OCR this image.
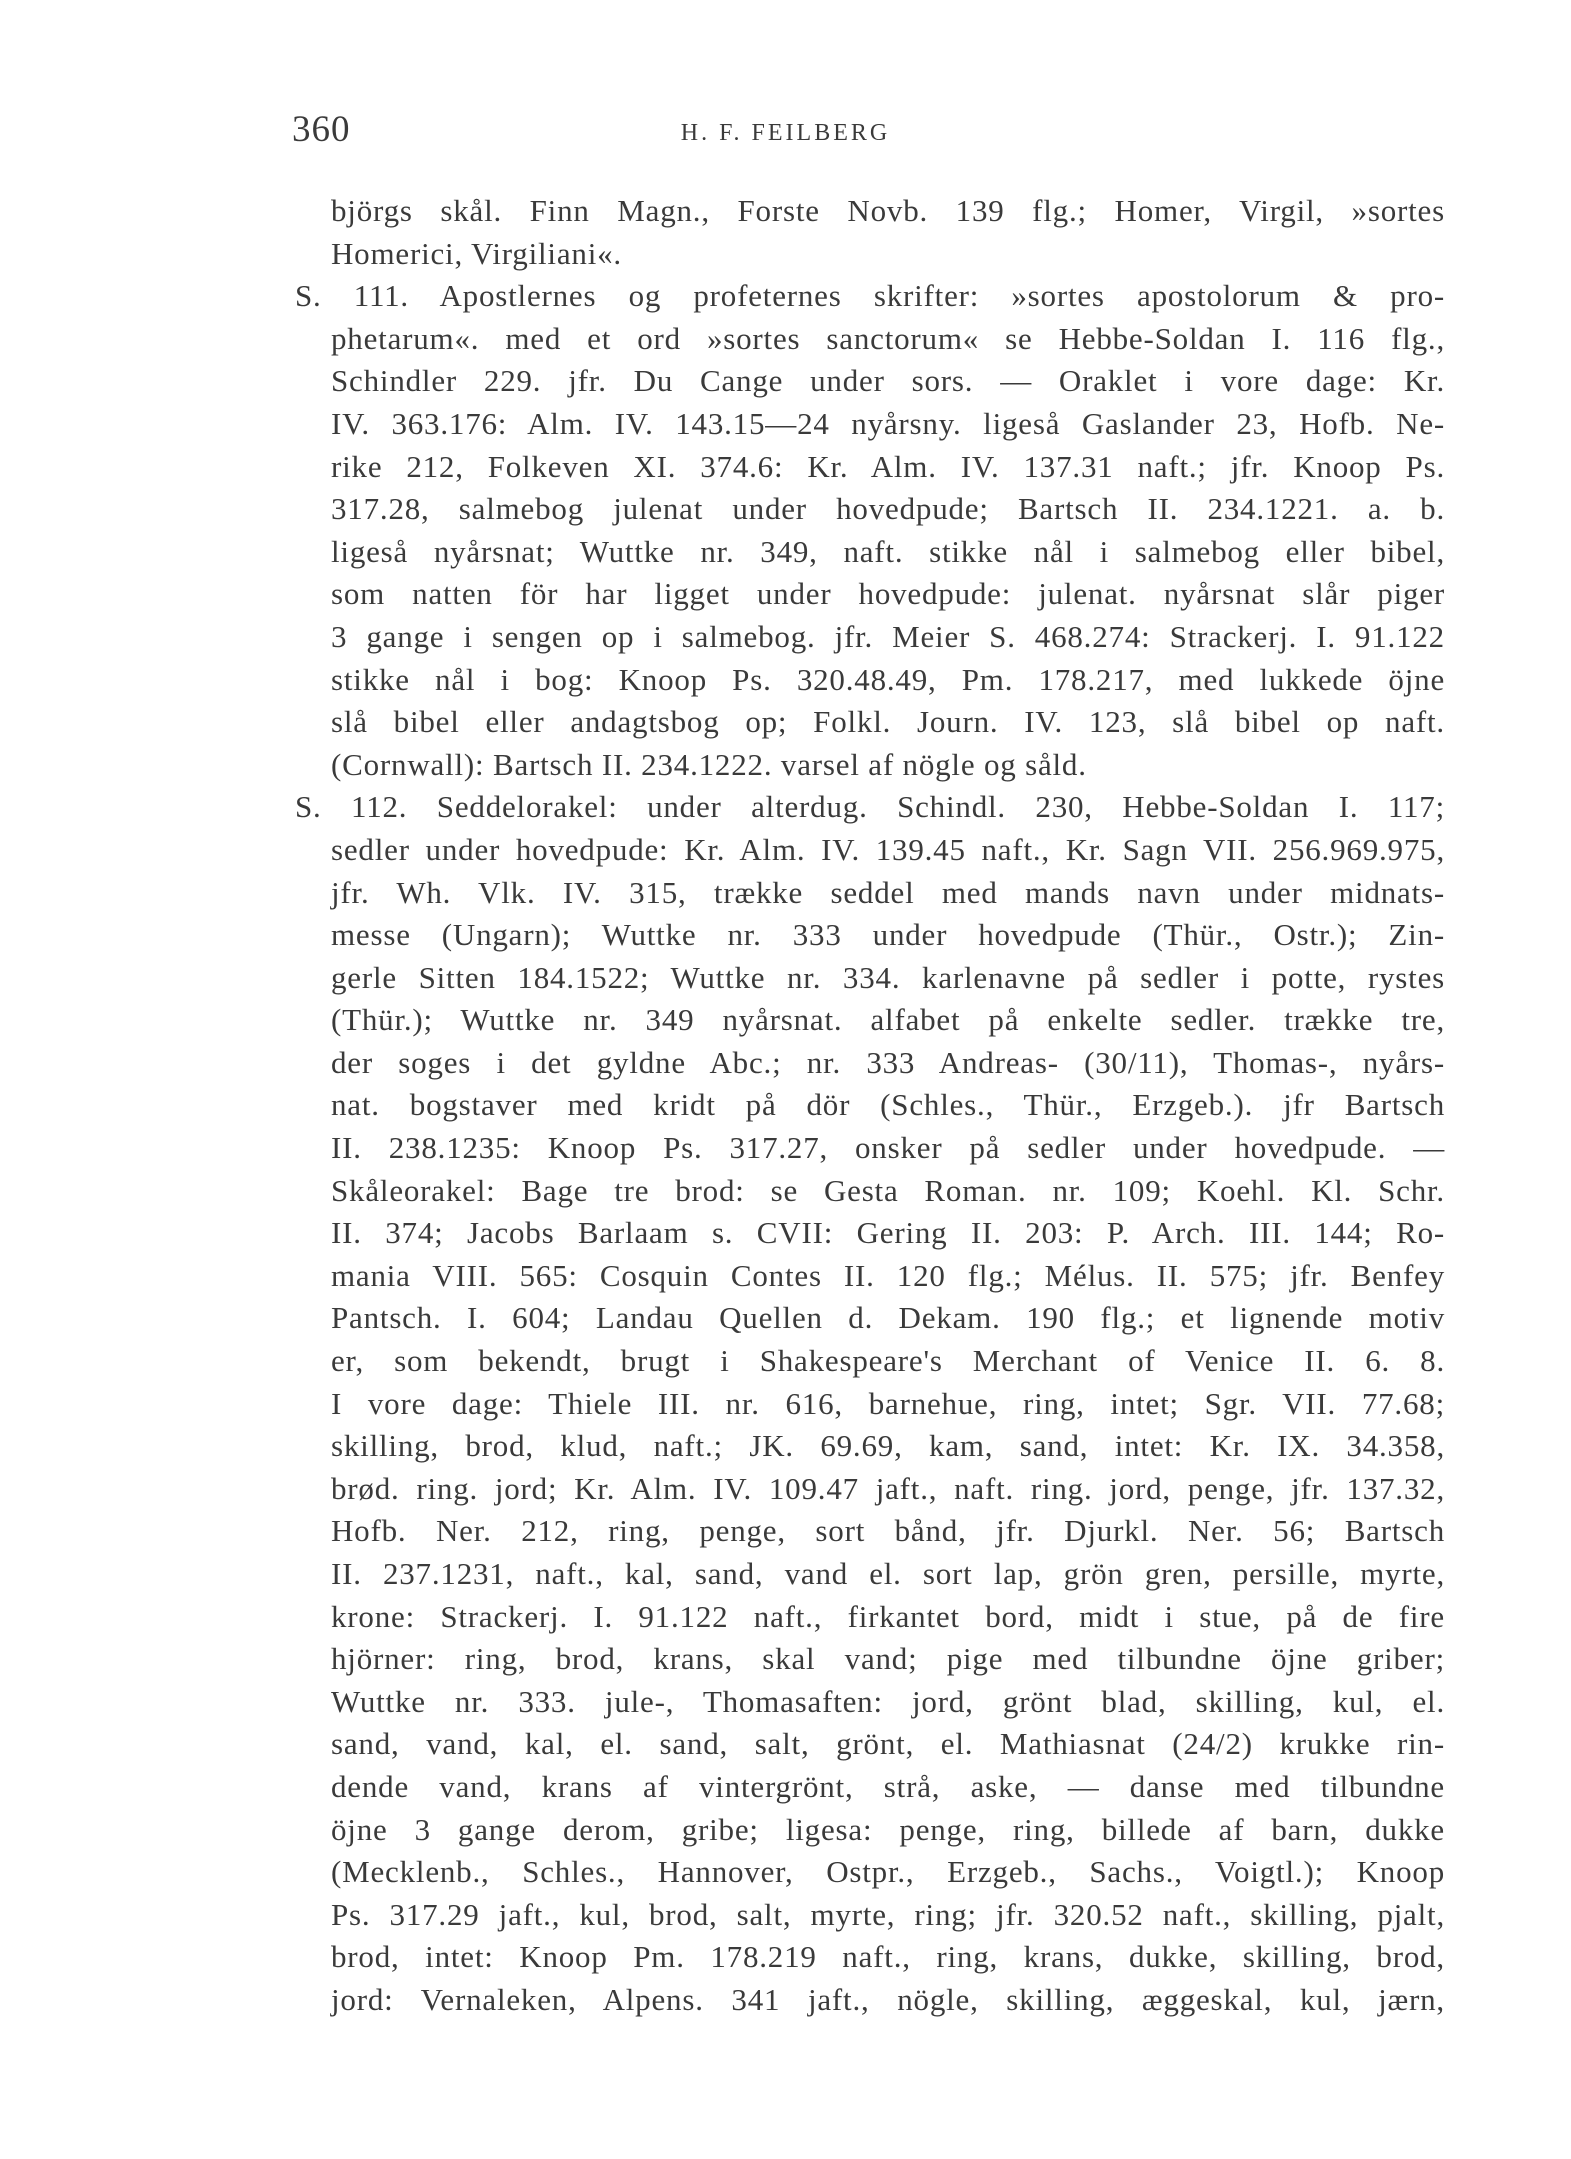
360	H. F. FEILBERG
björgs skål. Finn Magn., Forste Novb. 139 flg.; Homer, Virgil, »sortes
Homerici, Virgiliani«.
S. 111. Apostlernes og profeternes skrifter: »sortes apostolorum & pro-
phetarum«. med et ord »sortes sanctorum« se Hebbe-Soldan I. 116 flg.,
Schindler 229. jfr. Du Cange under sors. — Oraklet i vore dage: Kr.
IV. 363.176: Alm. IV. 143.15—24 nyårsny. ligeså Gaslander 23, Hofb. Ne-
rike 212, Folkeven XI. 374.6: Kr. Alm. IV. 137.31 naft.; jfr. Knoop Ps.
317.28, salmebog julenat under hovedpude; Bartsch II. 234.1221. a. b.
ligeså nyårsnat; Wuttke nr. 349, naft. stikke nål i salmebog eller bibel,
som natten för har ligget under hovedpude: julenat. nyårsnat slår piger
3 gange i sengen op i salmebog. jfr. Meier S. 468.274: Strackerj. I. 91.122
stikke nål i bog: Knoop Ps. 320.48.49, Pm. 178.217, med lukkede öjne
slå bibel eller andagtsbog op; Folkl. Journ. IV. 123, slå bibel op naft.
(Cornwall): Bartsch II. 234.1222. varsel af nögle og såld.
S. 112. Seddelorakel: under alterdug. Schindl. 230, Hebbe-Soldan I. 117;
sedler under hovedpude: Kr. Alm. IV. 139.45 naft., Kr. Sagn VII. 256.969.975,
jfr. Wh. Vlk. IV. 315, trække seddel med mands navn under midnats-
messe (Ungarn); Wuttke nr. 333 under hovedpude (Thür., Ostr.); Zin-
gerle Sitten 184.1522; Wuttke nr. 334. karlenavne på sedler i potte, rystes
(Thür.); Wuttke nr. 349 nyårsnat. alfabet på enkelte sedler. trække tre,
der soges i det gyldne Abc.; nr. 333 Andreas- (30/11), Thomas-, nyårs-
nat. bogstaver med kridt på dör (Schles., Thür., Erzgeb.). jfr Bartsch
II. 238.1235: Knoop Ps. 317.27, onsker på sedler under hovedpude. —
Skåleorakel: Bage tre brod: se Gesta Roman. nr. 109; Koehl. Kl. Schr.
II. 374; Jacobs Barlaam s. CVII: Gering II. 203: P. Arch. III. 144; Ro-
mania VIII. 565: Cosquin Contes II. 120 flg.; Mélus. II. 575; jfr. Benfey
Pantsch. I. 604; Landau Quellen d. Dekam. 190 flg.; et lignende motiv
er, som bekendt, brugt i Shakespeare's Merchant of Venice II. 6. 8.
I vore dage: Thiele III. nr. 616, barnehue, ring, intet; Sgr. VII. 77.68;
skilling, brod, klud, naft.; JK. 69.69, kam, sand, intet: Kr. IX. 34.358,
brød. ring. jord; Kr. Alm. IV. 109.47 jaft., naft. ring. jord, penge, jfr. 137.32,
Hofb. Ner. 212, ring, penge, sort bånd, jfr. Djurkl. Ner. 56; Bartsch
II. 237.1231, naft., kal, sand, vand el. sort lap, grön gren, persille, myrte,
krone: Strackerj. I. 91.122 naft., firkantet bord, midt i stue, på de fire
hjörner: ring, brod, krans, skal vand; pige med tilbundne öjne griber;
Wuttke nr. 333. jule-, Thomasaften: jord, grönt blad, skilling, kul, el.
sand, vand, kal, el. sand, salt, grönt, el. Mathiasnat (24/2) krukke rin-
dende vand, krans af vintergrönt, strå, aske, — danse med tilbundne
öjne 3 gange derom, gribe; ligesa: penge, ring, billede af barn, dukke
(Mecklenb., Schles., Hannover, Ostpr., Erzgeb., Sachs., Voigtl.); Knoop
Ps. 317.29 jaft., kul, brod, salt, myrte, ring; jfr. 320.52 naft., skilling, pjalt,
brod, intet: Knoop Pm. 178.219 naft., ring, krans, dukke, skilling, brod,
jord: Vernaleken, Alpens. 341 jaft., nögle, skilling, æggeskal, kul, jærn,
